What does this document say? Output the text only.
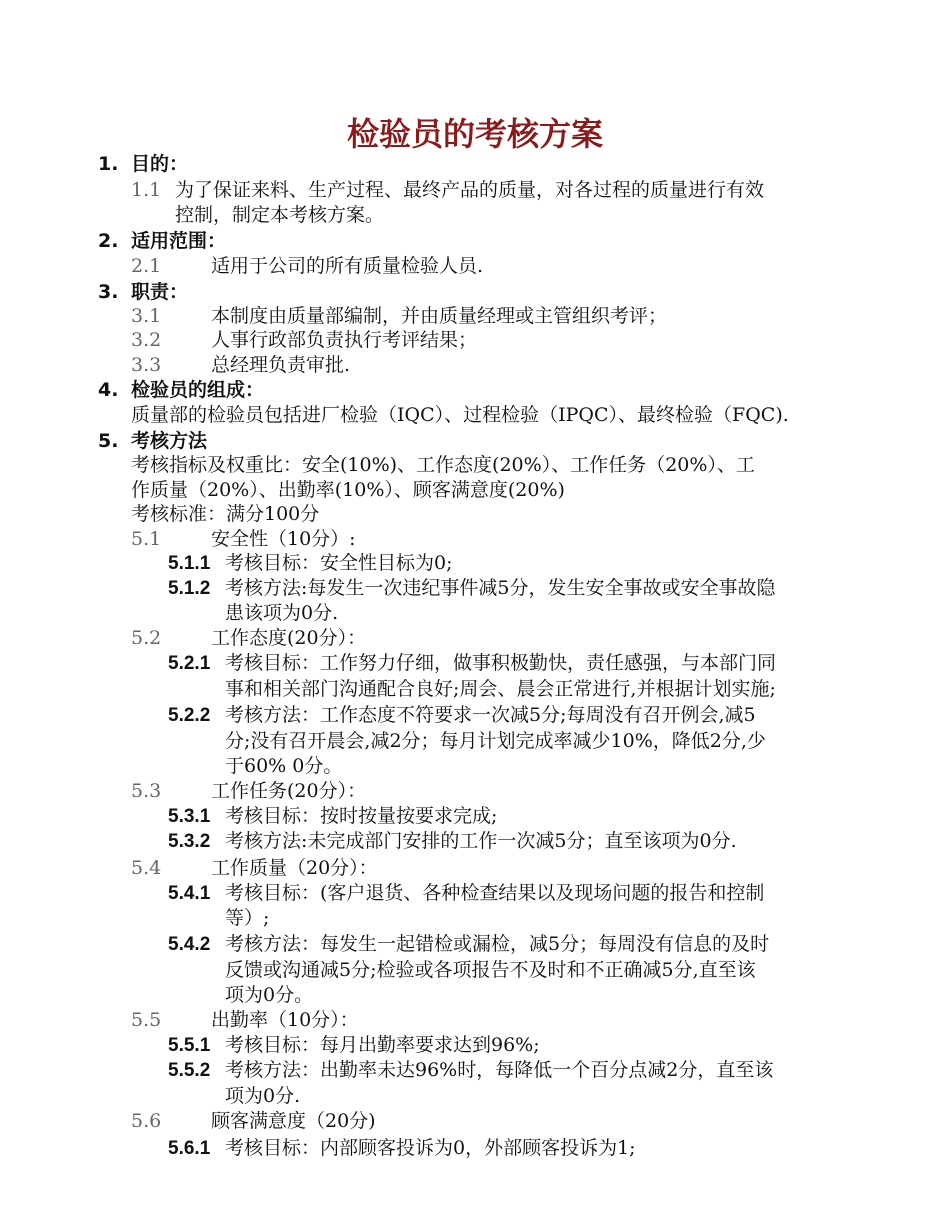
检验员的考核方案
1. 目的：
1.1 为了保证来料、生产过程、最终产品的质量，对各过程的质量进行有效
控制，制定本考核方案。
2. 适用范围：
2.1	适用于公司的所有质量检验人员.
3. 职责：
3.1	本制度由质量部编制，并由质量经理或主管组织考评；
3.2	人事行政部负责执行考评结果；
3.3	总经理负责审批.
4. 检验员的组成：
质量部的检验员包括进厂检验（IQC）、过程检验（IPQC）、最终检验（FQC).
5. 考核方法
考核指标及权重比：安全(10%)、工作态度(20%）、工作任务（20%）、工
作质量（20%）、出勤率(10%）、顾客满意度(20%)
考核标准：满分100分
5.1	安全性（10分）:
5.1.1 考核目标：安全性目标为0;
5.1.2 考核方法:每发生一次违纪事件减5分，发生安全事故或安全事故隐
患该项为0分.
5.2	工作态度(20分）：
5.2.1 考核目标：工作努力仔细，做事积极勤快，责任感强，与本部门同
事和相关部门沟通配合良好;周会、晨会正常进行,并根据计划实施;
5.2.2 考核方法：工作态度不符要求一次减5分;每周没有召开例会,减5
分;没有召开晨会,减2分；每月计划完成率减少10%，降低2分,少
于60% 0分。
5.3	工作任务(20分）：
5.3.1 考核目标：按时按量按要求完成;
5.3.2 考核方法:未完成部门安排的工作一次减5分；直至该项为0分.
5.4	工作质量（20分）：
5.4.1 考核目标：(客户退货、各种检查结果以及现场问题的报告和控制
等）;
5.4.2 考核方法：每发生一起错检或漏检，减5分；每周没有信息的及时
反馈或沟通减5分;检验或各项报告不及时和不正确减5分,直至该
项为0分。
5.5	出勤率（10分）：
5.5.1 考核目标：每月出勤率要求达到96%;
5.5.2 考核方法：出勤率未达96%时，每降低一个百分点减2分，直至该
项为0分.
5.6	顾客满意度（20分)
5.6.1 考核目标：内部顾客投诉为0，外部顾客投诉为1;
